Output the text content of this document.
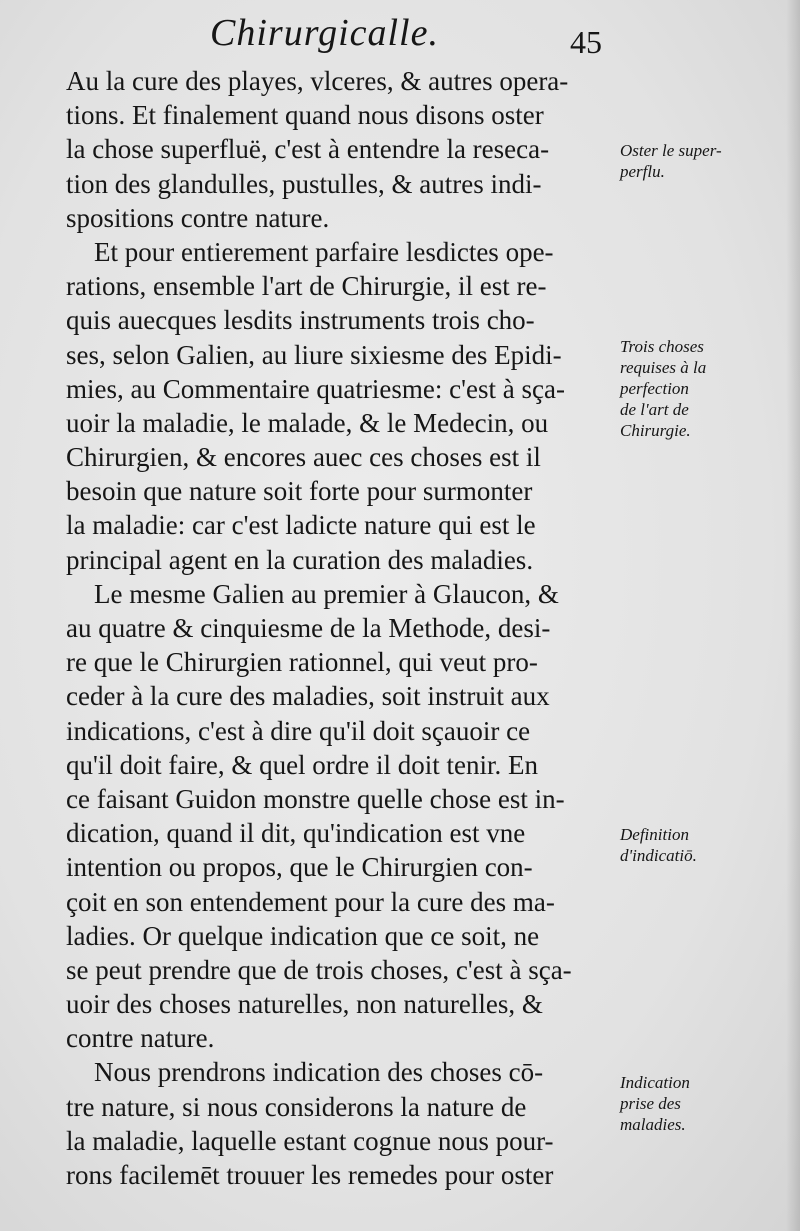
Chirurgicalle.	45
Au la cure des playes, vlceres, & autres opera-
tions. Et finalement quand nous disons oster
la chose superfluë, c'est à entendre la reseca-
tion des glandulles, pustulles, & autres indi-
spositions contre nature.
Et pour entierement parfaire lesdictes ope-
rations, ensemble l'art de Chirurgie, il est re-
quis auecques lesdits instruments trois cho-
ses, selon Galien, au liure sixiesme des Epidi-
mies, au Commentaire quatriesme: c'est à sça-
uoir la maladie, le malade, & le Medecin, ou
Chirurgien, & encores auec ces choses est il
besoin que nature soit forte pour surmonter
la maladie: car c'est ladicte nature qui est le
principal agent en la curation des maladies.
Le mesme Galien au premier à Glaucon, &
au quatre & cinquiesme de la Methode, desi-
re que le Chirurgien rationnel, qui veut pro-
ceder à la cure des maladies, soit instruit aux
indications, c'est à dire qu'il doit sçauoir ce
qu'il doit faire, & quel ordre il doit tenir. En
ce faisant Guidon monstre quelle chose est in-
dication, quand il dit, qu'indication est vne
intention ou propos, que le Chirurgien con-
çoit en son entendement pour la cure des ma-
ladies. Or quelque indication que ce soit, ne
se peut prendre que de trois choses, c'est à sça-
uoir des choses naturelles, non naturelles, &
contre nature.
Nous prendrons indication des choses cō-
tre nature, si nous considerons la nature de
la maladie, laquelle estant cognue nous pour-
rons facilemēt trouuer les remedes pour oster
Oster le super-
perflu.
Trois choses
requises à la
perfection
de l'art de
Chirurgie.
Definition
d'indicatiō.
Indication
prise des
maladies.
